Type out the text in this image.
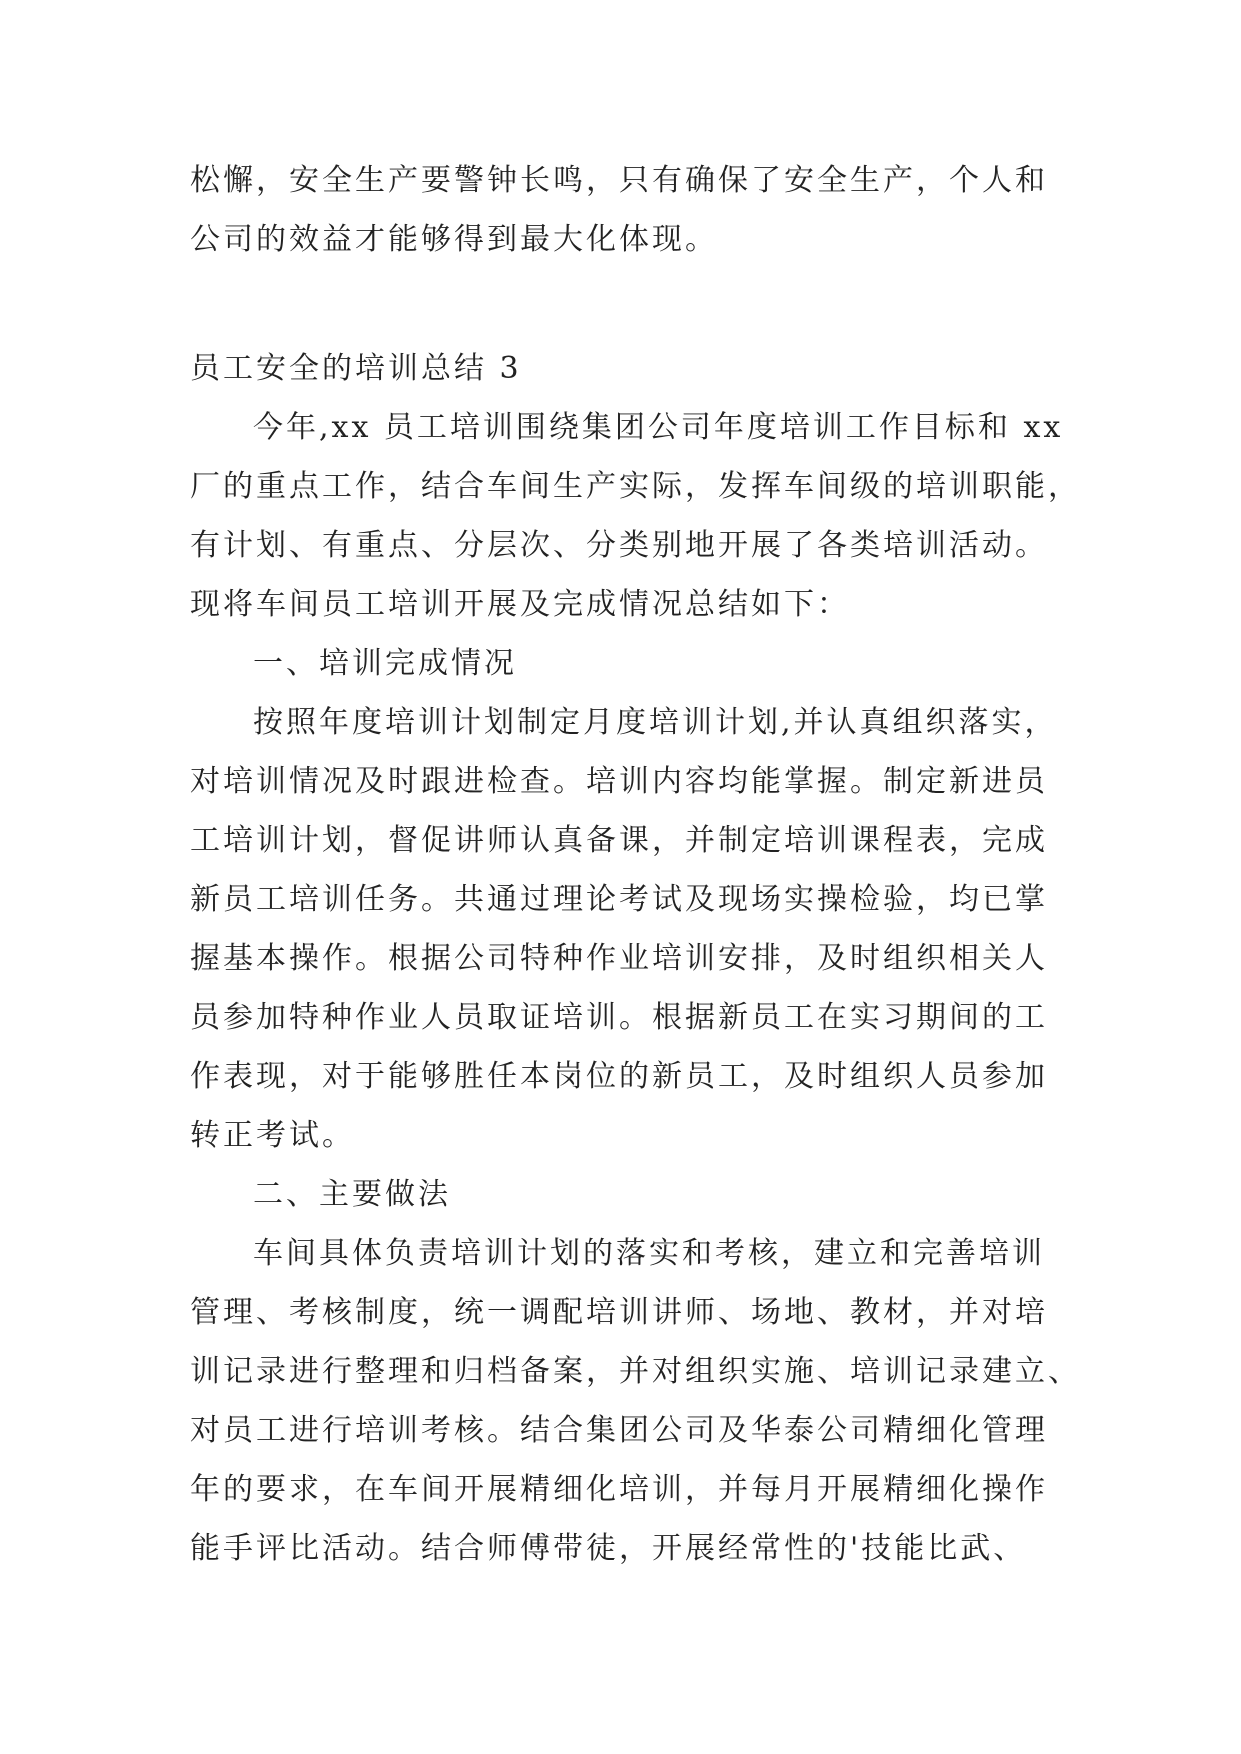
松懈，安全生产要警钟长鸣，只有确保了安全生产，个人和
公司的效益才能够得到最大化体现。
员工安全的培训总结 3
今年,xx 员工培训围绕集团公司年度培训工作目标和 xx
厂的重点工作，结合车间生产实际，发挥车间级的培训职能，
有计划、有重点、分层次、分类别地开展了各类培训活动。
现将车间员工培训开展及完成情况总结如下：
一、培训完成情况
按照年度培训计划制定月度培训计划,并认真组织落实，
对培训情况及时跟进检查。培训内容均能掌握。制定新进员
工培训计划，督促讲师认真备课，并制定培训课程表，完成
新员工培训任务。共通过理论考试及现场实操检验，均已掌
握基本操作。根据公司特种作业培训安排，及时组织相关人
员参加特种作业人员取证培训。根据新员工在实习期间的工
作表现，对于能够胜任本岗位的新员工，及时组织人员参加
转正考试。
二、主要做法
车间具体负责培训计划的落实和考核，建立和完善培训
管理、考核制度，统一调配培训讲师、场地、教材，并对培
训记录进行整理和归档备案，并对组织实施、培训记录建立、
对员工进行培训考核。结合集团公司及华泰公司精细化管理
年的要求，在车间开展精细化培训，并每月开展精细化操作
能手评比活动。结合师傅带徒，开展经常性的'技能比武、
